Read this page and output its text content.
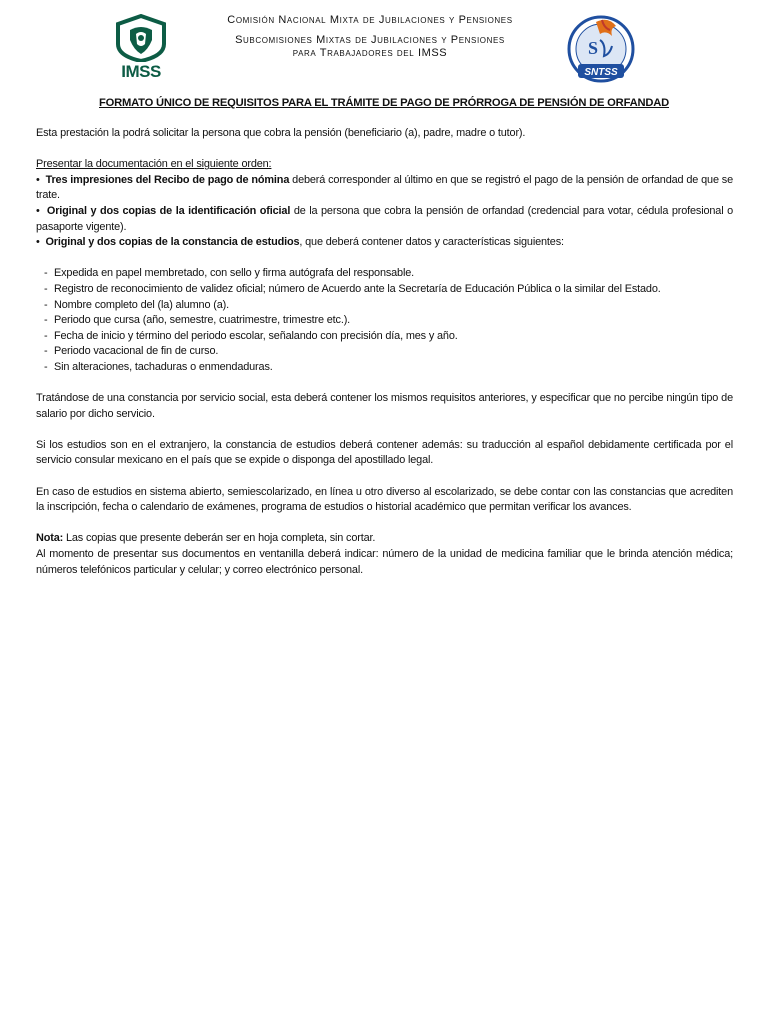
IMSS
Comisión Nacional Mixta de Jubilaciones y Pensiones
Subcomisiones Mixtas de Jubilaciones y Pensiones
para Trabajadores del IMSS	S
SNTSS
FORMATO ÚNICO DE REQUISITOS PARA EL TRÁMITE DE PAGO DE PRÓRROGA DE PENSIÓN DE ORFANDAD

Esta prestación la podrá solicitar la persona que cobra la pensión (beneficiario (a), padre, madre o tutor).

Presentar la documentación en el siguiente orden:

• Tres impresiones del Recibo de pago de nómina deberá corresponder al último en que se registró el pago de la pensión de orfandad de que se trate.

• Original y dos copias de la identificación oficial de la persona que cobra la pensión de orfandad (credencial para votar, cédula profesional o pasaporte vigente).

• Original y dos copias de la constancia de estudios, que deberá contener datos y características siguientes:

- Expedida en papel membretado, con sello y firma autógrafa del responsable.
- Registro de reconocimiento de validez oficial; número de Acuerdo ante la Secretaría de Educación Pública o la similar del Estado.
- Nombre completo del (la) alumno (a).
- Periodo que cursa (año, semestre, cuatrimestre, trimestre etc.).
- Fecha de inicio y término del periodo escolar, señalando con precisión día, mes y año.
- Periodo vacacional de fin de curso.
- Sin alteraciones, tachaduras o enmendaduras.

Tratándose de una constancia por servicio social, esta deberá contener los mismos requisitos anteriores, y especificar que no percibe ningún tipo de salario por dicho servicio.

Si los estudios son en el extranjero, la constancia de estudios deberá contener además: su traducción al español debidamente certificada por el servicio consular mexicano en el país que se expide o disponga del apostillado legal.

En caso de estudios en sistema abierto, semiescolarizado, en línea u otro diverso al escolarizado, se debe contar con las constancias que acrediten la inscripción, fecha o calendario de exámenes, programa de estudios o historial académico que permitan verificar los avances.

Nota: Las copias que presente deberán ser en hoja completa, sin cortar.

Al momento de presentar sus documentos en ventanilla deberá indicar: número de la unidad de medicina familiar que le brinda atención médica; números telefónicos particular y celular; y correo electrónico personal.
